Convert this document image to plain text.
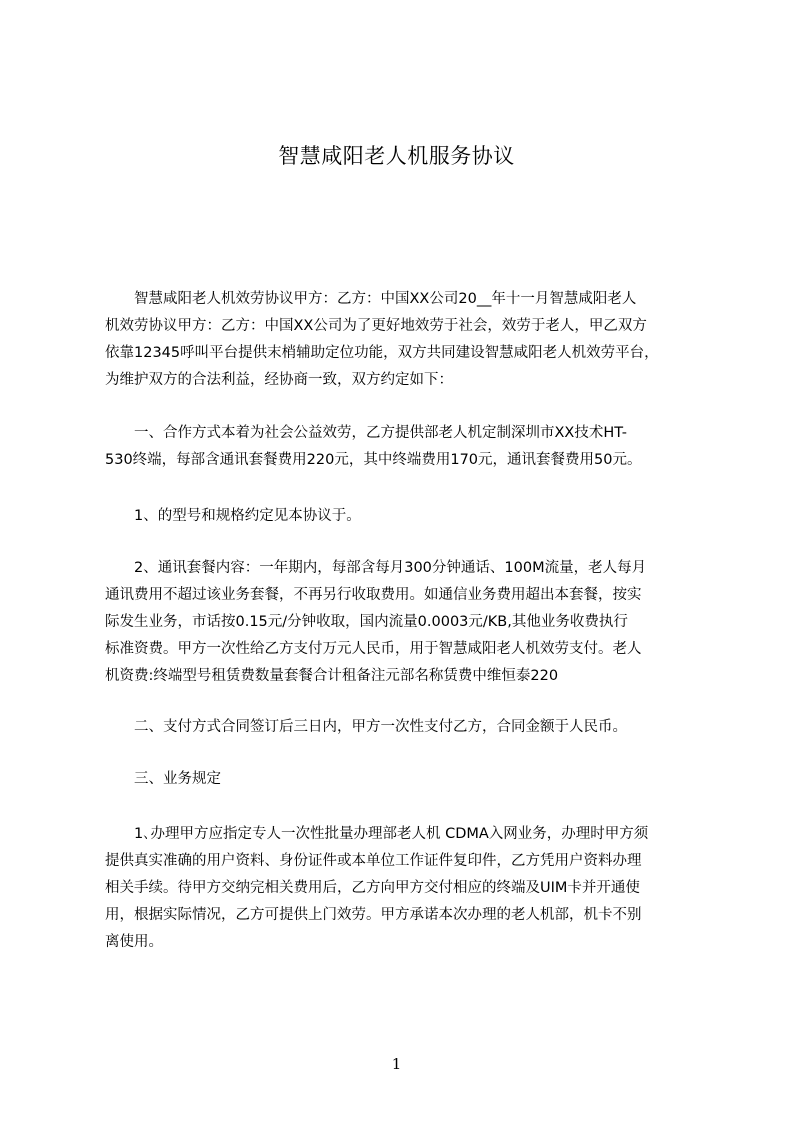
智慧咸阳老人机服务协议
　　智慧咸阳老人机效劳协议甲方：乙方：中国XX公司20__年十一月智慧咸阳老人
机效劳协议甲方：乙方：中国XX公司为了更好地效劳于社会，效劳于老人，甲乙双方
依靠12345呼叫平台提供末梢辅助定位功能，双方共同建设智慧咸阳老人机效劳平台，
为维护双方的合法利益，经协商一致，双方约定如下：
　　一、合作方式本着为社会公益效劳，乙方提供部老人机定制深圳市XX技术HT-
530终端，每部含通讯套餐费用220元，其中终端费用170元，通讯套餐费用50元。
　　1、的型号和规格约定见本协议于。
　　2、通讯套餐内容：一年期内，每部含每月300分钟通话、100M流量，老人每月
通讯费用不超过该业务套餐，不再另行收取费用。如通信业务费用超出本套餐，按实
际发生业务，市话按0.15元/分钟收取，国内流量0.0003元/KB,其他业务收费执行
标准资费。甲方一次性给乙方支付万元人民币，用于智慧咸阳老人机效劳支付。老人
机资费:终端型号租赁费数量套餐合计租备注元部名称赁费中维恒泰220
　　二、支付方式合同签订后三日内，甲方一次性支付乙方，合同金额于人民币。
　　三、业务规定
　　1､办理甲方应指定专人一次性批量办理部老人机 CDMA入网业务，办理时甲方须
提供真实准确的用户资料、身份证件或本单位工作证件复印件，乙方凭用户资料办理
相关手续。待甲方交纳完相关费用后，乙方向甲方交付相应的终端及UIM卡并开通使
用，根据实际情况，乙方可提供上门效劳。甲方承诺本次办理的老人机部，机卡不别
离使用。
1
